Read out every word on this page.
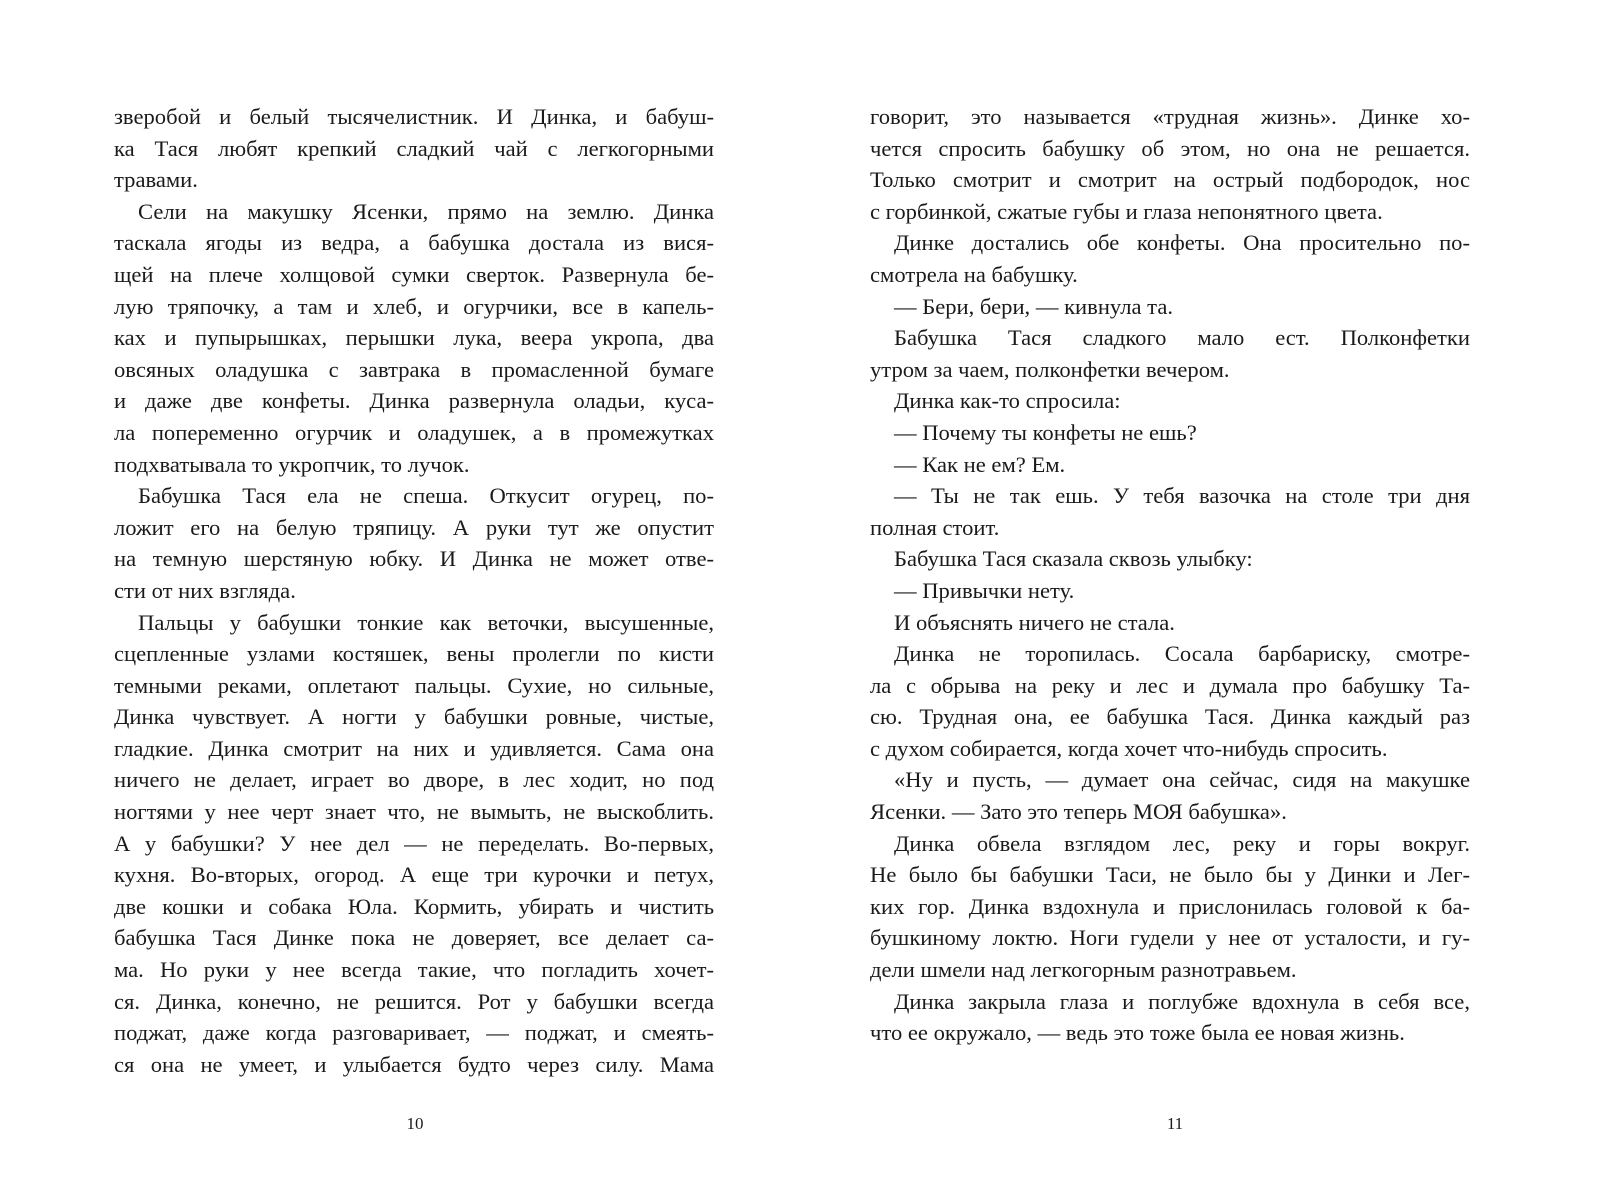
зверобой и белый тысячелистник. И Динка, и бабуш-
ка Тася любят крепкий сладкий чай с легкогорными
травами.
Сели на макушку Ясенки, прямо на землю. Динка
таскала ягоды из ведра, а бабушка достала из вися-
щей на плече холщовой сумки сверток. Развернула бе-
лую тряпочку, а там и хлеб, и огурчики, все в капель-
ках и пупырышках, перышки лука, веера укропа, два
овсяных оладушка с завтрака в промасленной бумаге
и даже две конфеты. Динка развернула оладьи, куса-
ла попеременно огурчик и оладушек, а в промежутках
подхватывала то укропчик, то лучок.
Бабушка Тася ела не спеша. Откусит огурец, по-
ложит его на белую тряпицу. А руки тут же опустит
на темную шерстяную юбку. И Динка не может отве-
сти от них взгляда.
Пальцы у бабушки тонкие как веточки, высушенные,
сцепленные узлами костяшек, вены пролегли по кисти
темными реками, оплетают пальцы. Сухие, но сильные,
Динка чувствует. А ногти у бабушки ровные, чистые,
гладкие. Динка смотрит на них и удивляется. Сама она
ничего не делает, играет во дворе, в лес ходит, но под
ногтями у нее черт знает что, не вымыть, не выскоблить.
А у бабушки? У нее дел — не переделать. Во-первых,
кухня. Во-вторых, огород. А еще три курочки и петух,
две кошки и собака Юла. Кормить, убирать и чистить
бабушка Тася Динке пока не доверяет, все делает са-
ма. Но руки у нее всегда такие, что погладить хочет-
ся. Динка, конечно, не решится. Рот у бабушки всегда
поджат, даже когда разговаривает, — поджат, и смеять-
ся она не умеет, и улыбается будто через силу. Мама
10
говорит, это называется «трудная жизнь». Динке хо-
чется спросить бабушку об этом, но она не решается.
Только смотрит и смотрит на острый подбородок, нос
с горбинкой, сжатые губы и глаза непонятного цвета.
Динке достались обе конфеты. Она просительно по-
смотрела на бабушку.
— Бери, бери, — кивнула та.
Бабушка Тася сладкого мало ест. Полконфетки
утром за чаем, полконфетки вечером.
Динка как-то спросила:
— Почему ты конфеты не ешь?
— Как не ем? Ем.
— Ты не так ешь. У тебя вазочка на столе три дня
полная стоит.
Бабушка Тася сказала сквозь улыбку:
— Привычки нету.
И объяснять ничего не стала.
Динка не торопилась. Сосала барбариску, смотре-
ла с обрыва на реку и лес и думала про бабушку Та-
сю. Трудная она, ее бабушка Тася. Динка каждый раз
с духом собирается, когда хочет что-нибудь спросить.
«Ну и пусть, — думает она сейчас, сидя на макушке
Ясенки. — Зато это теперь МОЯ бабушка».
Динка обвела взглядом лес, реку и горы вокруг.
Не было бы бабушки Таси, не было бы у Динки и Лег-
ких гор. Динка вздохнула и прислонилась головой к ба-
бушкиному локтю. Ноги гудели у нее от усталости, и гу-
дели шмели над легкогорным разнотравьем.
Динка закрыла глаза и поглубже вдохнула в себя все,
что ее окружало, — ведь это тоже была ее новая жизнь.
11
